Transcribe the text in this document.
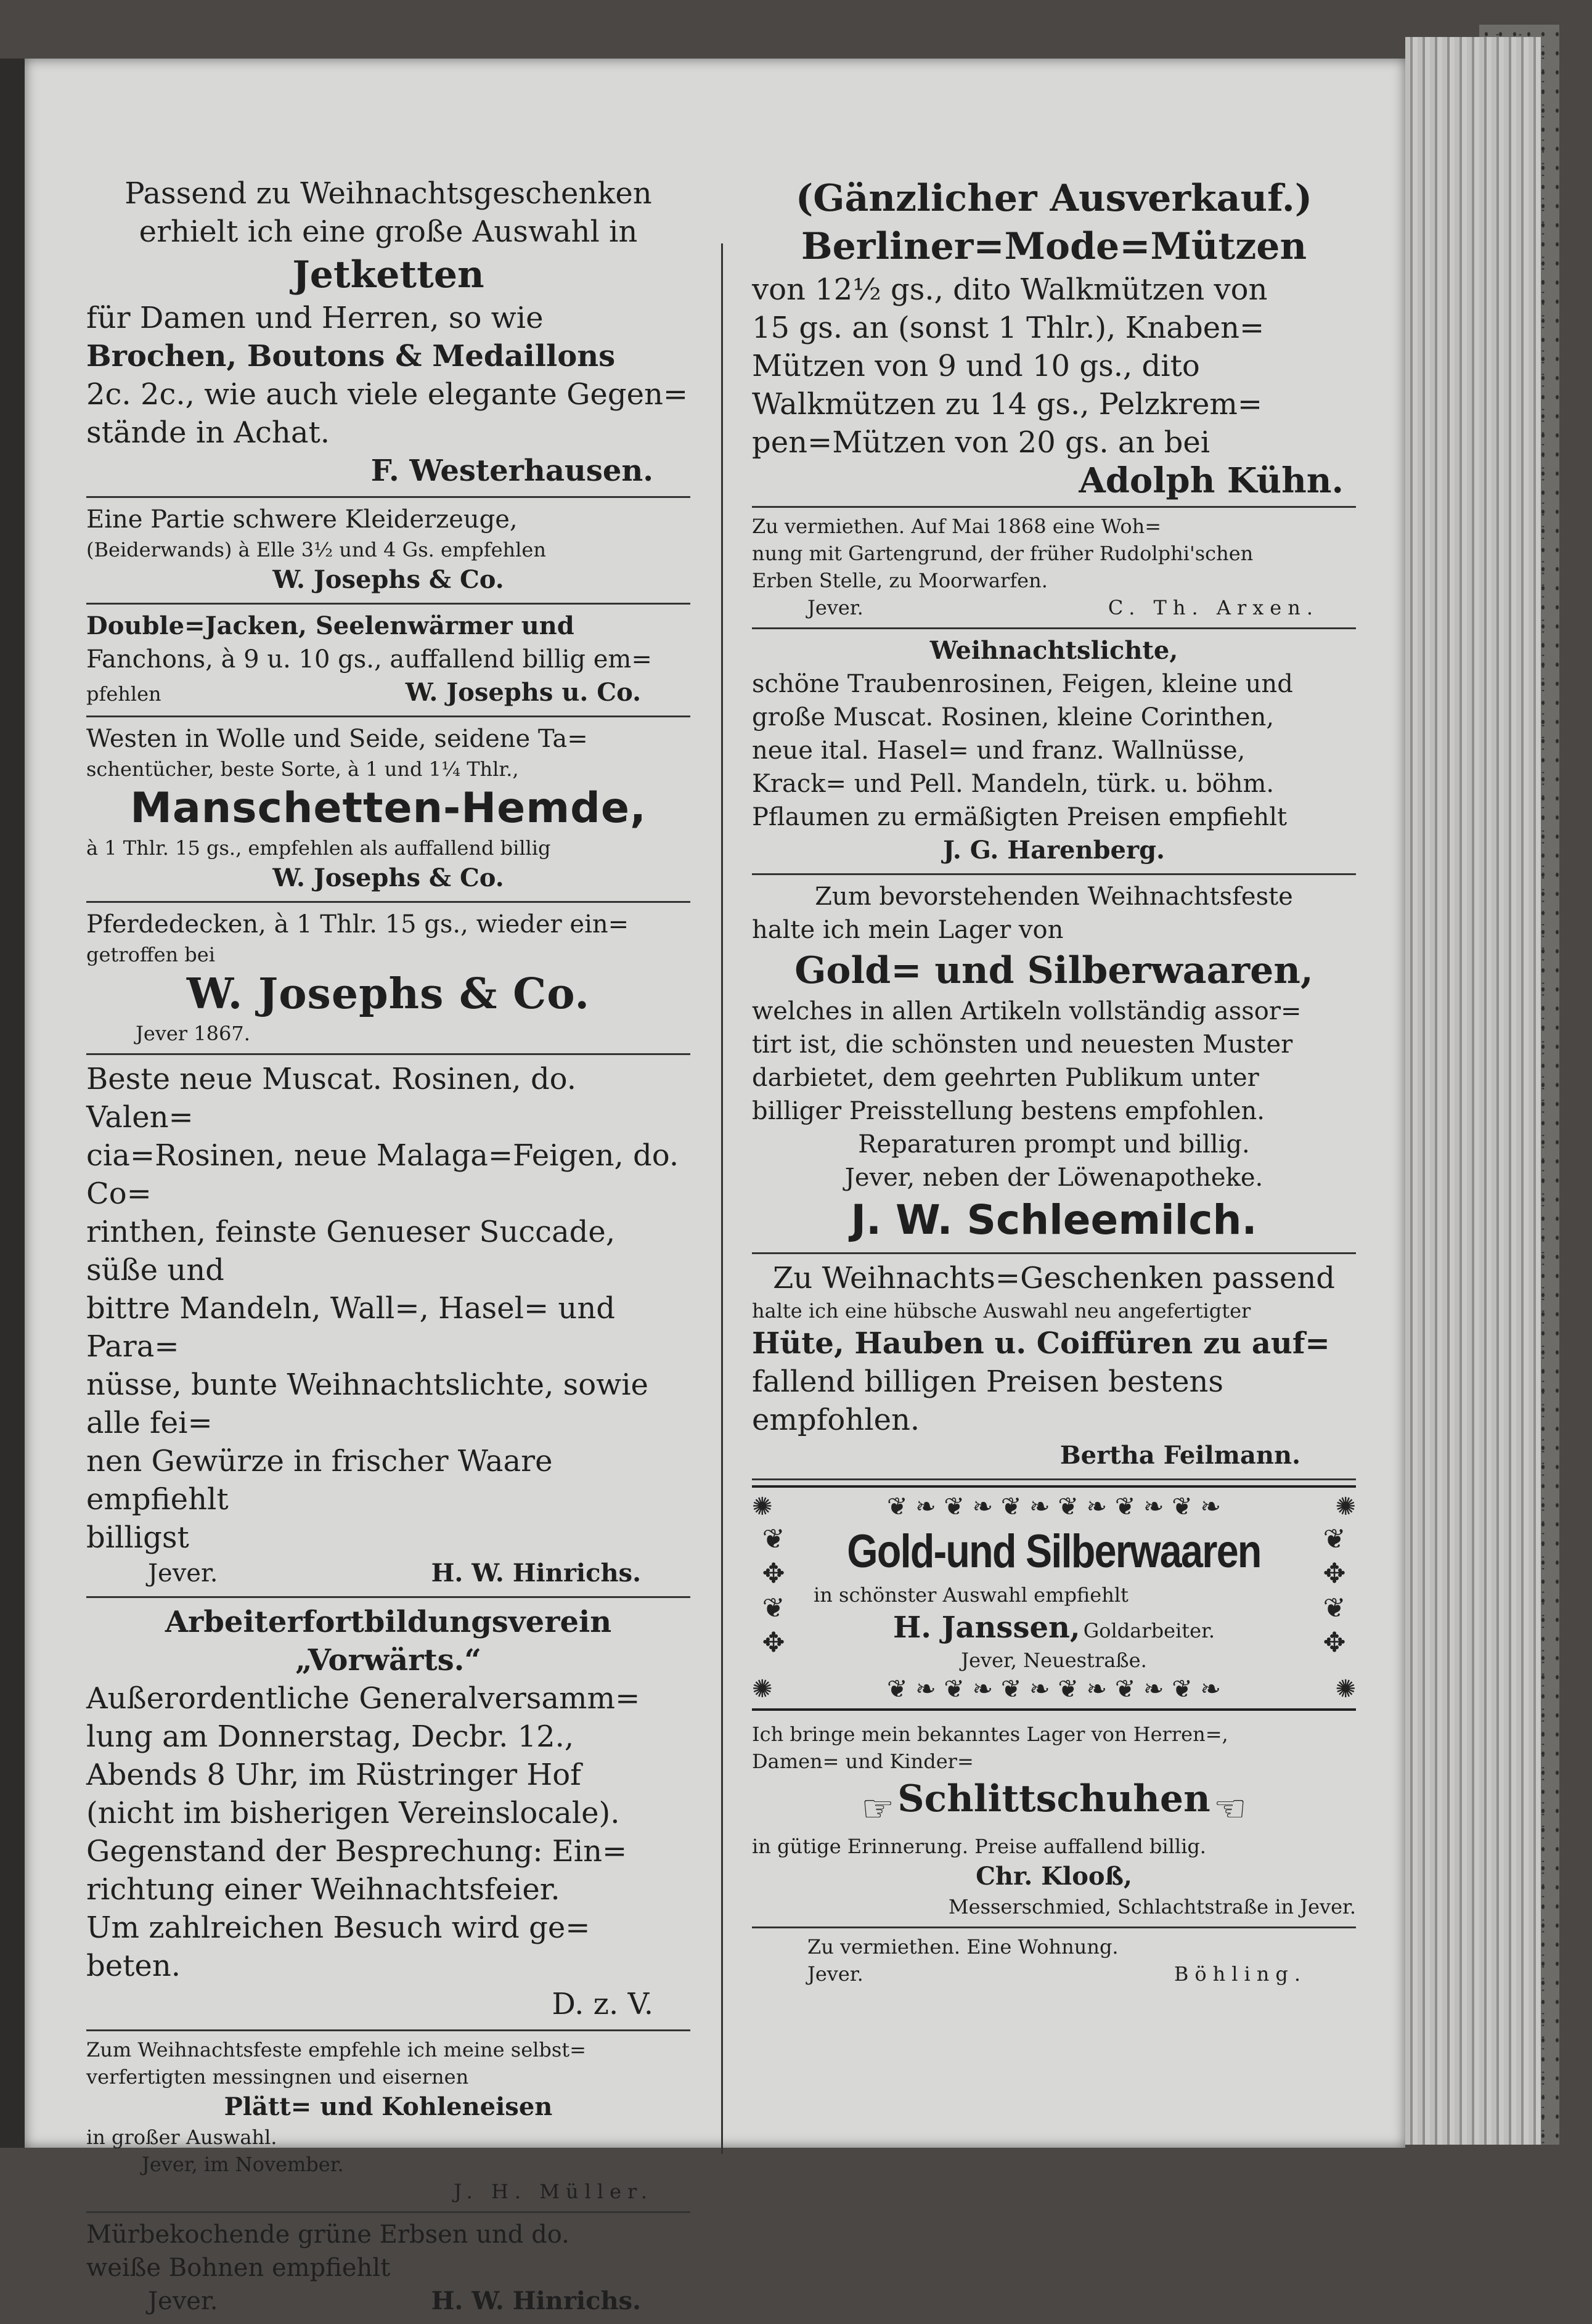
Passend zu Weihnachtsgeschenken
erhielt ich eine große Auswahl in
Jetketten
für Damen und Herren, so wie
Brochen, Boutons & Medaillons
2c. 2c., wie auch viele elegante Gegen=
stände in Achat.
F. Westerhausen.
Eine Partie schwere Kleiderzeuge,
(Beiderwands) à Elle 3½ und 4 Gs. empfehlen
W. Josephs & Co.
Double=Jacken, Seelenwärmer und
Fanchons, à 9 u. 10 gs., auffallend billig em=
pfehlen	W. Josephs u. Co.
Westen in Wolle und Seide, seidene Ta=
schentücher, beste Sorte, à 1 und 1¼ Thlr.,
Manschetten-Hemde,
à 1 Thlr. 15 gs., empfehlen als auffallend billig
W. Josephs & Co.
Pferdedecken, à 1 Thlr. 15 gs., wieder ein=
getroffen bei
W. Josephs & Co.
Jever 1867.
Beste neue Muscat. Rosinen, do. Valen=
cia=Rosinen, neue Malaga=Feigen, do. Co=
rinthen, feinste Genueser Succade, süße und
bittre Mandeln, Wall=, Hasel= und Para=
nüsse, bunte Weihnachtslichte, sowie alle fei=
nen Gewürze in frischer Waare empfiehlt
billigst
Jever.	H. W. Hinrichs.
Arbeiterfortbildungsverein
„Vorwärts.“
Außerordentliche Generalversamm=
lung am Donnerstag, Decbr. 12.,
Abends 8 Uhr, im Rüstringer Hof
(nicht im bisherigen Vereinslocale).
Gegenstand der Besprechung: Ein=
richtung einer Weihnachtsfeier.
Um zahlreichen Besuch wird ge=
beten.
D. z. V.
Zum Weihnachtsfeste empfehle ich meine selbst=
verfertigten messingnen und eisernen
Plätt= und Kohleneisen
in großer Auswahl.
Jever, im November.
J. H. Müller.
Mürbekochende grüne Erbsen und do.
weiße Bohnen empfiehlt
Jever.	H. W. Hinrichs.
(Gänzlicher Ausverkauf.)
Berliner=Mode=Mützen
von 12½ gs., dito Walkmützen von
15 gs. an (sonst 1 Thlr.), Knaben=
Mützen von 9 und 10 gs., dito
Walkmützen zu 14 gs., Pelzkrem=
pen=Mützen von 20 gs. an bei
Adolph Kühn.
Zu vermiethen. Auf Mai 1868 eine Woh=
nung mit Gartengrund, der früher Rudolphi'schen
Erben Stelle, zu Moorwarfen.
Jever.	C. Th. Arxen.
Weihnachtslichte,
schöne Traubenrosinen, Feigen, kleine und
große Muscat. Rosinen, kleine Corinthen,
neue ital. Hasel= und franz. Wallnüsse,
Krack= und Pell. Mandeln, türk. u. böhm.
Pflaumen zu ermäßigten Preisen empfiehlt
J. G. Harenberg.
Zum bevorstehenden Weihnachtsfeste
halte ich mein Lager von
Gold= und Silberwaaren,
welches in allen Artikeln vollständig assor=
tirt ist, die schönsten und neuesten Muster
darbietet, dem geehrten Publikum unter
billiger Preisstellung bestens empfohlen.
Reparaturen prompt und billig.
Jever, neben der Löwenapotheke.
J. W. Schleemilch.
Zu Weihnachts=Geschenken passend
halte ich eine hübsche Auswahl neu angefertigter
Hüte, Hauben u. Coiffüren zu auf=
fallend billigen Preisen bestens empfohlen.
Bertha Feilmann.
✺	❦ ❧ ❦ ❧ ❦ ❧ ❦ ❧ ❦ ❧ ❦ ❧	✺
❦
✥
❦
✥
Gold-und Silberwaaren
in schönster Auswahl empfiehlt
H. Janssen, Goldarbeiter.
Jever, Neuestraße.
❦
✥
❦
✥
✺	❦ ❧ ❦ ❧ ❦ ❧ ❦ ❧ ❦ ❧ ❦ ❧	✺
Ich bringe mein bekanntes Lager von Herren=,
Damen= und Kinder=
☞ Schlittschuhen ☜
in gütige Erinnerung. Preise auffallend billig.
Chr. Klooß,
Messerschmied, Schlachtstraße in Jever.
Zu vermiethen. Eine Wohnung.
Jever.	Böhling.
